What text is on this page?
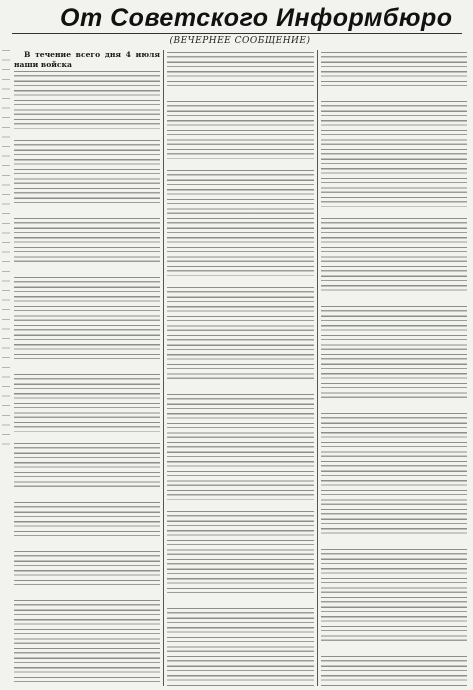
От Советского Информбюро
(ВЕЧЕРНЕЕ СООБЩЕНИЕ)

В течение всего дня 4 июля наши войска
